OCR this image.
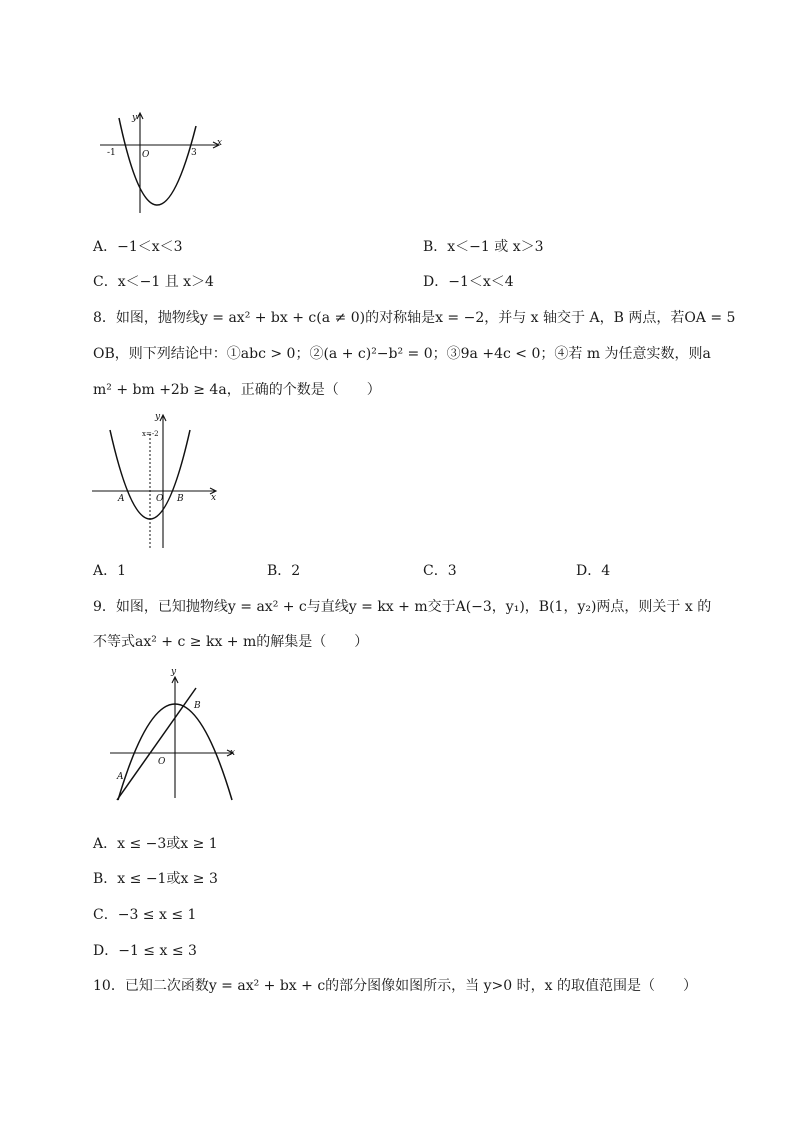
y
x
O
-1	3
A．−1＜x＜3	B．x＜−1 或 x＞3
C．x＜−1 且 x＞4	D．−1＜x＜4
8．如图，抛物线y = ax² + bx + c(a ≠ 0)的对称轴是x = −2，并与 x 轴交于 A，B 两点，若OA = 5
OB，则下列结论中：①abc > 0；②(a + c)²−b² = 0；③9a +4c < 0；④若 m 为任意实数，则a
m² + bm +2b ≥ 4a，正确的个数是（　　）
y
x
x=-2
O
A	B
A．1	B．2	C．3	D．4
9．如图，已知抛物线y = ax² + c与直线y = kx + m交于A(−3，y₁)，B(1，y₂)两点，则关于 x 的
不等式ax² + c ≥ kx + m的解集是（　　）
y
x
O
A
B
A．x ≤ −3或x ≥ 1
B．x ≤ −1或x ≥ 3
C．−3 ≤ x ≤ 1
D．−1 ≤ x ≤ 3
10．已知二次函数y = ax² + bx + c的部分图像如图所示，当 y>0 时，x 的取值范围是（　　）
